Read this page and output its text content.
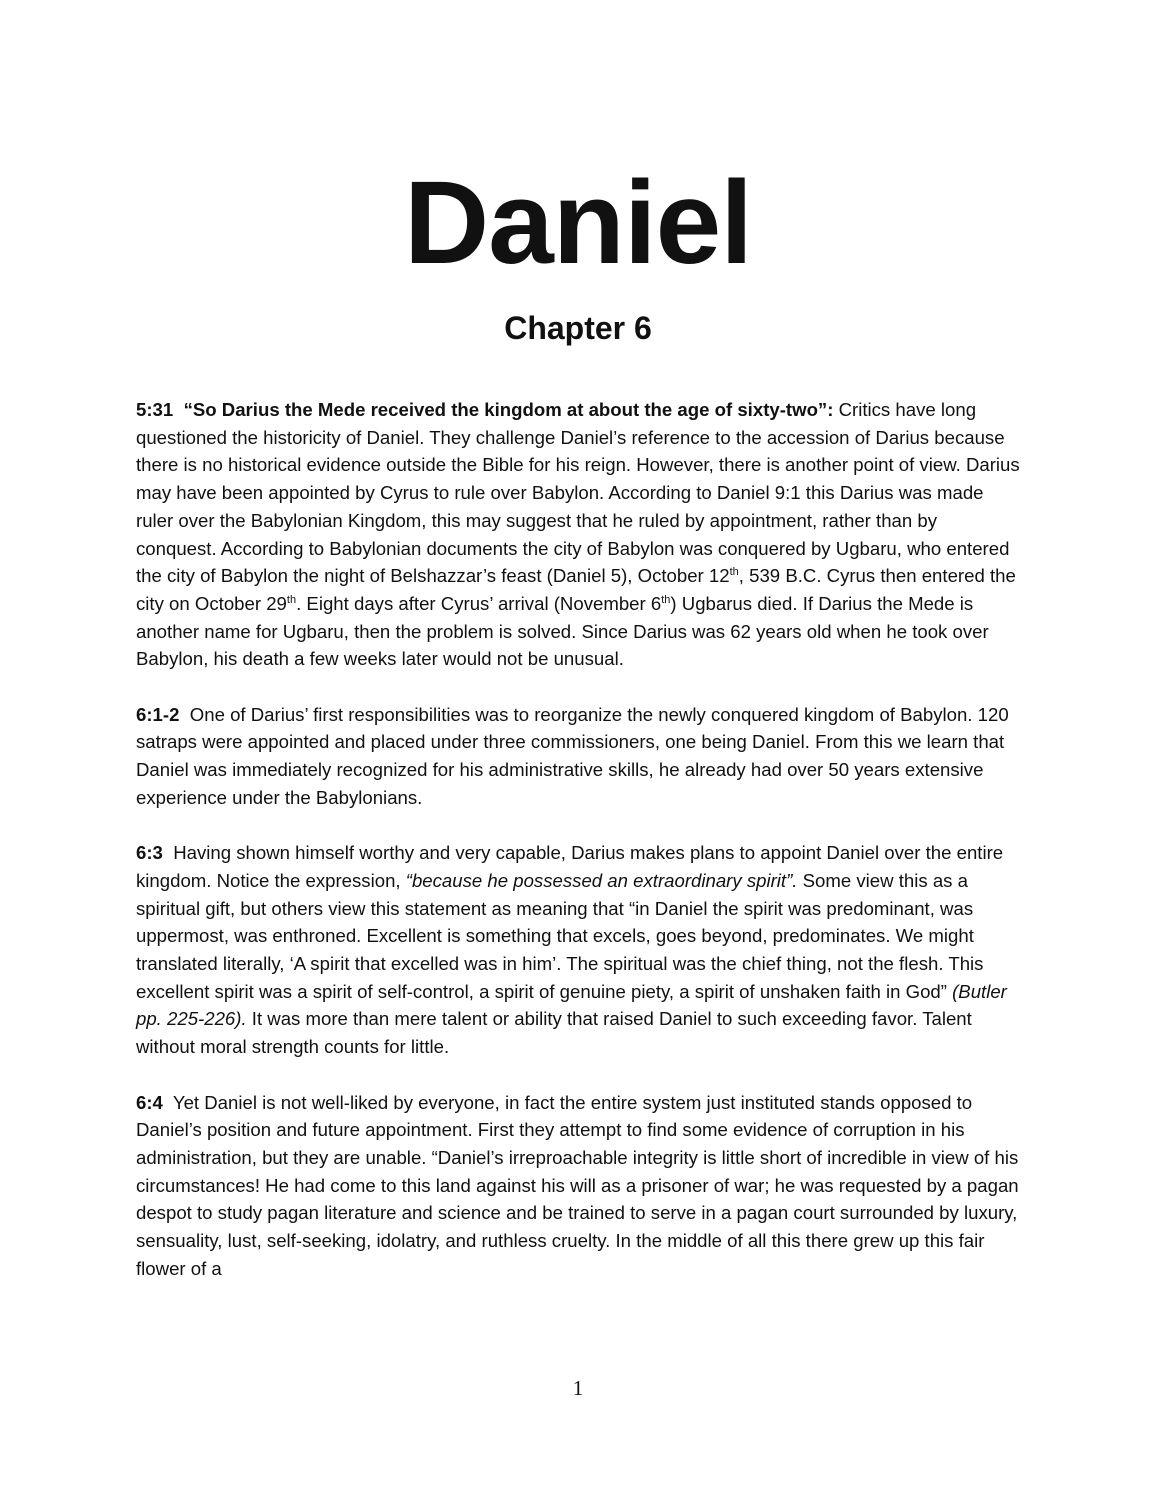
Daniel
Chapter 6

5:31 “So Darius the Mede received the kingdom at about the age of sixty-two”: Critics have long questioned the historicity of Daniel. They challenge Daniel’s reference to the accession of Darius because there is no historical evidence outside the Bible for his reign. However, there is another point of view. Darius may have been appointed by Cyrus to rule over Babylon. According to Daniel 9:1 this Darius was made ruler over the Babylonian Kingdom, this may suggest that he ruled by appointment, rather than by conquest. According to Babylonian documents the city of Babylon was conquered by Ugbaru, who entered the city of Babylon the night of Belshazzar’s feast (Daniel 5), October 12th, 539 B.C. Cyrus then entered the city on October 29th. Eight days after Cyrus’ arrival (November 6th) Ugbarus died. If Darius the Mede is another name for Ugbaru, then the problem is solved. Since Darius was 62 years old when he took over Babylon, his death a few weeks later would not be unusual.

6:1-2 One of Darius’ first responsibilities was to reorganize the newly conquered kingdom of Babylon. 120 satraps were appointed and placed under three commissioners, one being Daniel. From this we learn that Daniel was immediately recognized for his administrative skills, he already had over 50 years extensive experience under the Babylonians.

6:3 Having shown himself worthy and very capable, Darius makes plans to appoint Daniel over the entire kingdom. Notice the expression, “because he possessed an extraordinary spirit”. Some view this as a spiritual gift, but others view this statement as meaning that “in Daniel the spirit was predominant, was uppermost, was enthroned. Excellent is something that excels, goes beyond, predominates. We might translated literally, ‘A spirit that excelled was in him’. The spiritual was the chief thing, not the flesh. This excellent spirit was a spirit of self-control, a spirit of genuine piety, a spirit of unshaken faith in God” (Butler pp. 225-226). It was more than mere talent or ability that raised Daniel to such exceeding favor. Talent without moral strength counts for little.

6:4 Yet Daniel is not well-liked by everyone, in fact the entire system just instituted stands opposed to Daniel’s position and future appointment. First they attempt to find some evidence of corruption in his administration, but they are unable. “Daniel’s irreproachable integrity is little short of incredible in view of his circumstances! He had come to this land against his will as a prisoner of war; he was requested by a pagan despot to study pagan literature and science and be trained to serve in a pagan court surrounded by luxury, sensuality, lust, self-seeking, idolatry, and ruthless cruelty. In the middle of all this there grew up this fair flower of a

1
